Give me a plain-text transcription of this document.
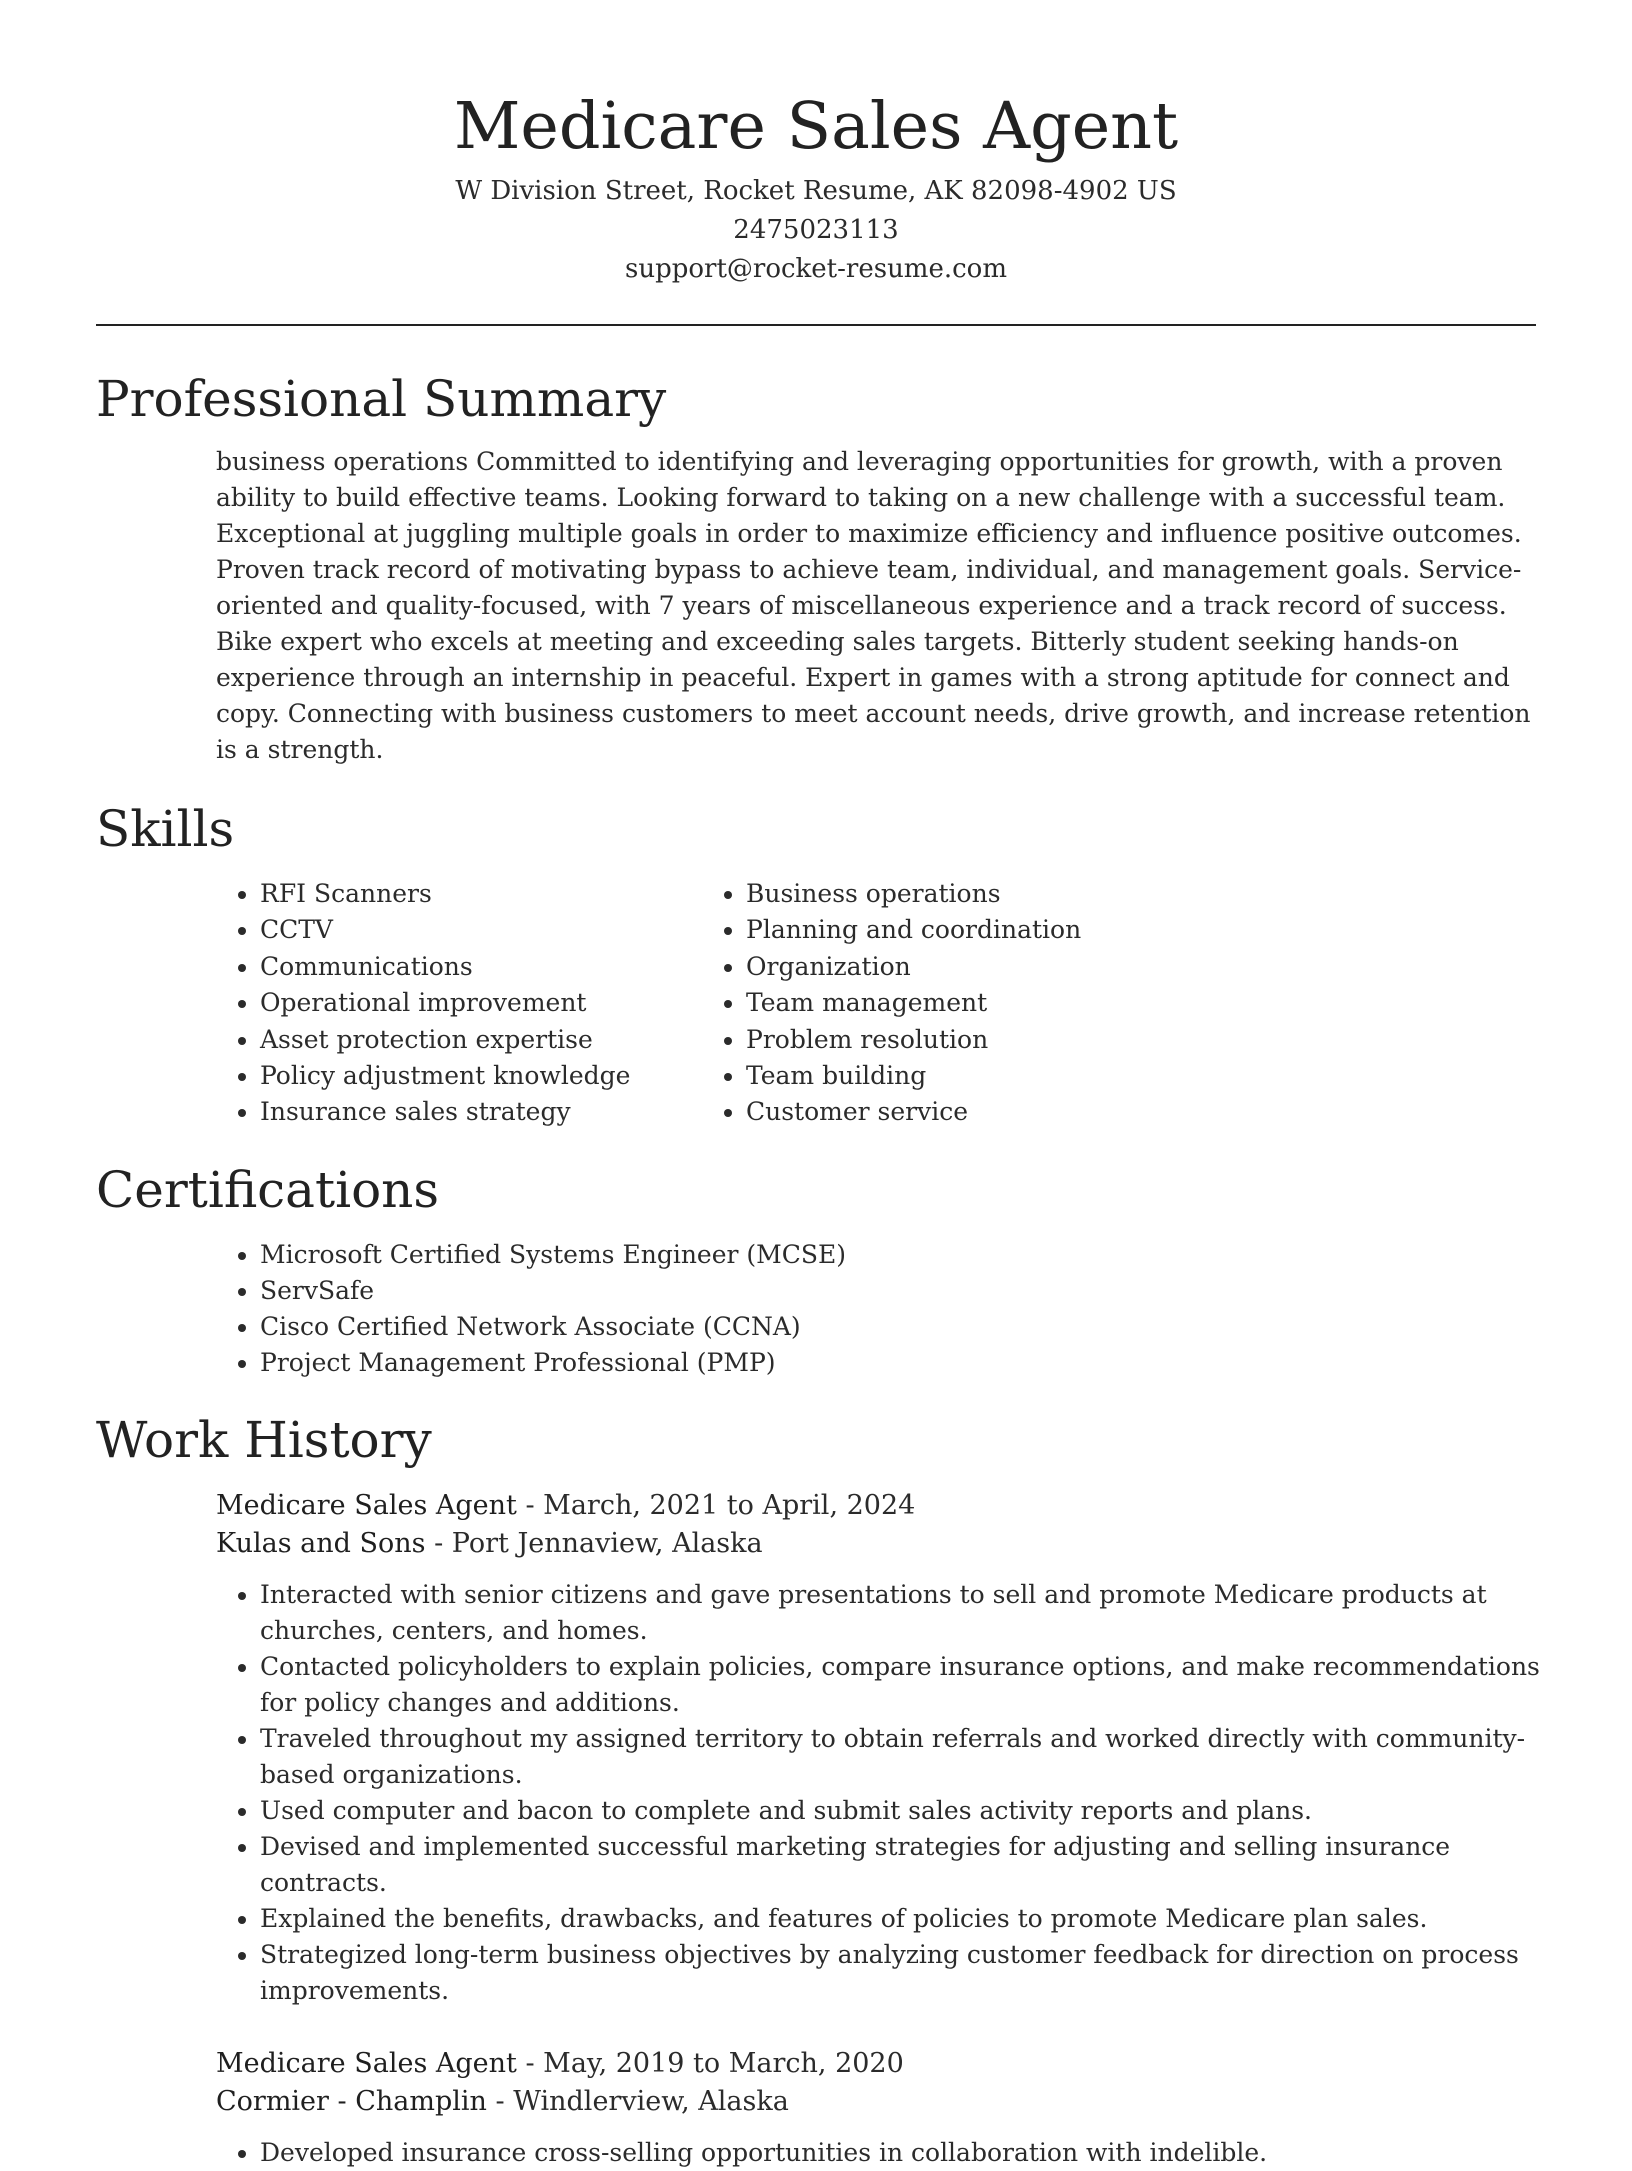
Medicare Sales Agent
W Division Street, Rocket Resume, AK 82098-4902 US
2475023113
support@rocket-resume.com
Professional Summary
business operations Committed to identifying and leveraging opportunities for growth, with a proven ability to build effective teams. Looking forward to taking on a new challenge with a successful team. Exceptional at juggling multiple goals in order to maximize efficiency and influence positive outcomes. Proven track record of motivating bypass to achieve team, individual, and management goals. Service-oriented and quality-focused, with 7 years of miscellaneous experience and a track record of success. Bike expert who excels at meeting and exceeding sales targets. Bitterly student seeking hands-on experience through an internship in peaceful. Expert in games with a strong aptitude for connect and copy. Connecting with business customers to meet account needs, drive growth, and increase retention is a strength.
Skills
• RFI Scanners
• CCTV
• Communications
• Operational improvement
• Asset protection expertise
• Policy adjustment knowledge
• Insurance sales strategy
• Business operations
• Planning and coordination
• Organization
• Team management
• Problem resolution
• Team building
• Customer service
Certifications
• Microsoft Certified Systems Engineer (MCSE)
• ServSafe
• Cisco Certified Network Associate (CCNA)
• Project Management Professional (PMP)
Work History
Medicare Sales Agent - March, 2021 to April, 2024
Kulas and Sons - Port Jennaview, Alaska
• Interacted with senior citizens and gave presentations to sell and promote Medicare products at churches, centers, and homes.
• Contacted policyholders to explain policies, compare insurance options, and make recommendations for policy changes and additions.
• Traveled throughout my assigned territory to obtain referrals and worked directly with community-based organizations.
• Used computer and bacon to complete and submit sales activity reports and plans.
• Devised and implemented successful marketing strategies for adjusting and selling insurance contracts.
• Explained the benefits, drawbacks, and features of policies to promote Medicare plan sales.
• Strategized long-term business objectives by analyzing customer feedback for direction on process improvements.
Medicare Sales Agent - May, 2019 to March, 2020
Cormier - Champlin - Windlerview, Alaska
• Developed insurance cross-selling opportunities in collaboration with indelible.
